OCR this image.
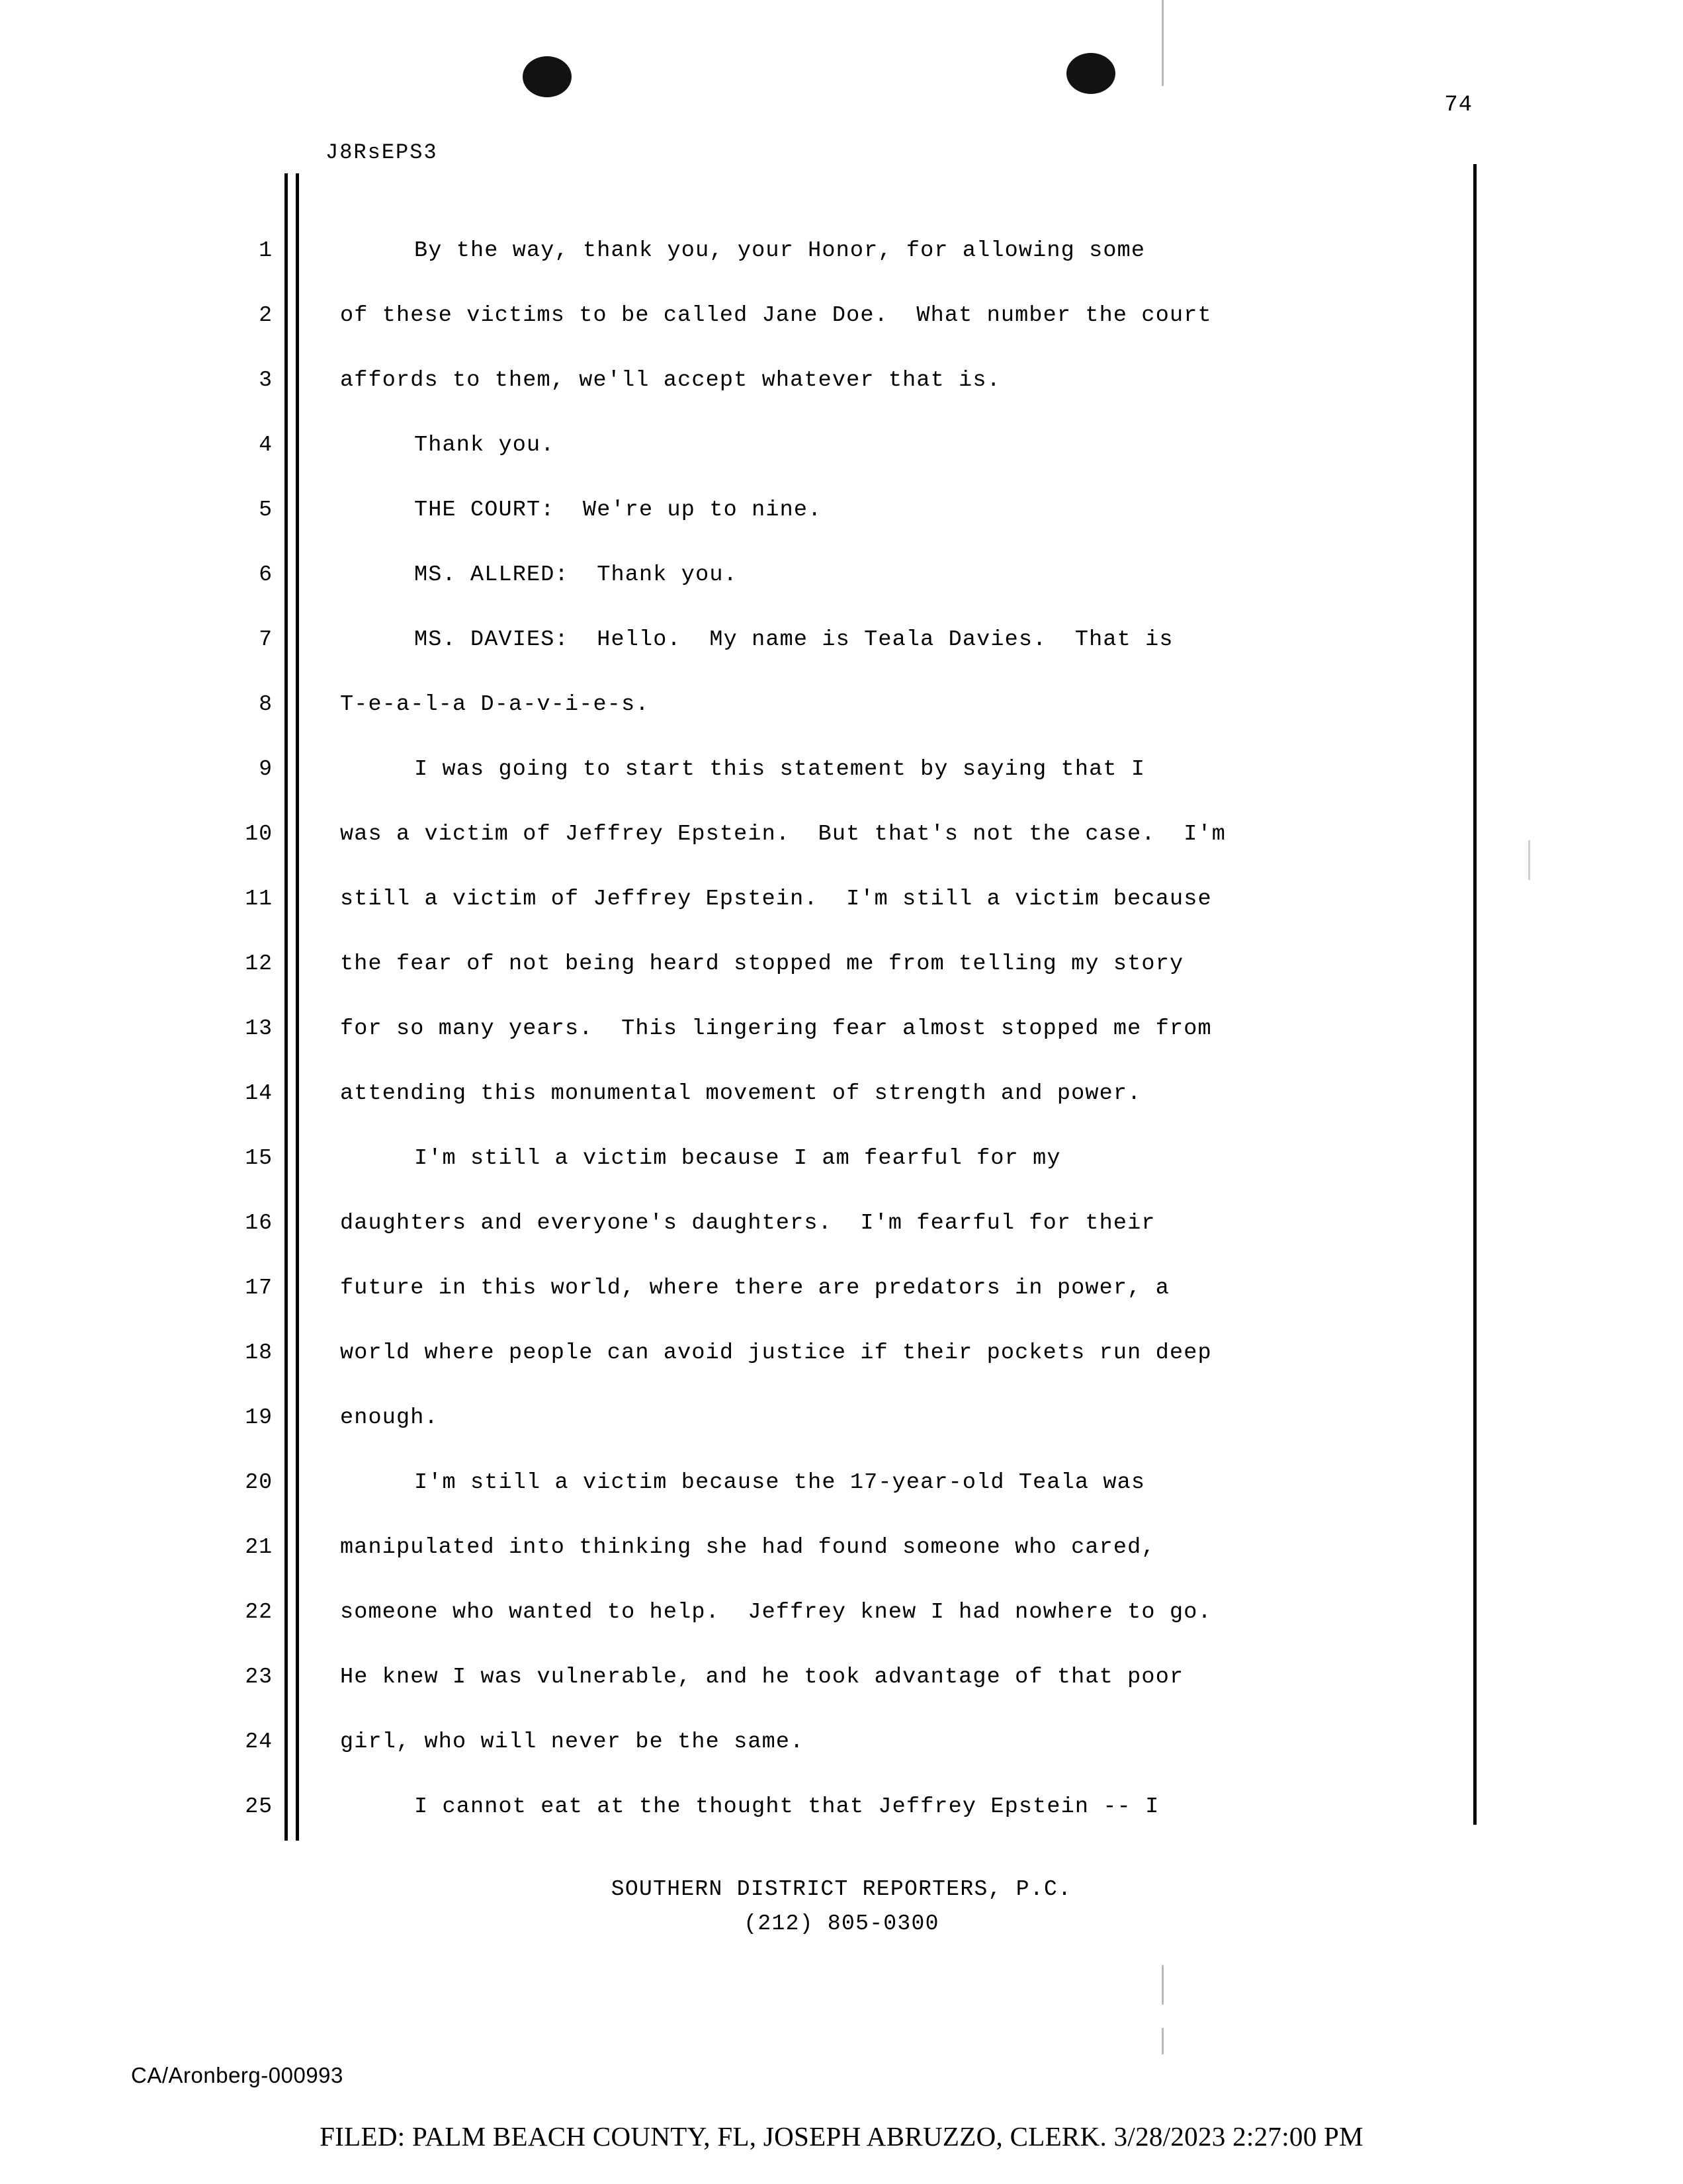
74
J8RsEPS3
1	By the way, thank you, your Honor, for allowing some
2	of these victims to be called Jane Doe.  What number the court
3	affords to them, we'll accept whatever that is.
4	Thank you.
5	THE COURT:  We're up to nine.
6	MS. ALLRED:  Thank you.
7	MS. DAVIES:  Hello.  My name is Teala Davies.  That is
8	T-e-a-l-a D-a-v-i-e-s.
9	I was going to start this statement by saying that I
10	was a victim of Jeffrey Epstein.  But that's not the case.  I'm
11	still a victim of Jeffrey Epstein.  I'm still a victim because
12	the fear of not being heard stopped me from telling my story
13	for so many years.  This lingering fear almost stopped me from
14	attending this monumental movement of strength and power.
15	I'm still a victim because I am fearful for my
16	daughters and everyone's daughters.  I'm fearful for their
17	future in this world, where there are predators in power, a
18	world where people can avoid justice if their pockets run deep
19	enough.
20	I'm still a victim because the 17-year-old Teala was
21	manipulated into thinking she had found someone who cared,
22	someone who wanted to help.  Jeffrey knew I had nowhere to go.
23	He knew I was vulnerable, and he took advantage of that poor
24	girl, who will never be the same.
25	I cannot eat at the thought that Jeffrey Epstein -- I
SOUTHERN DISTRICT REPORTERS, P.C.
(212) 805-0300
CA/Aronberg-000993
FILED: PALM BEACH COUNTY, FL, JOSEPH ABRUZZO, CLERK. 3/28/2023 2:27:00 PM
